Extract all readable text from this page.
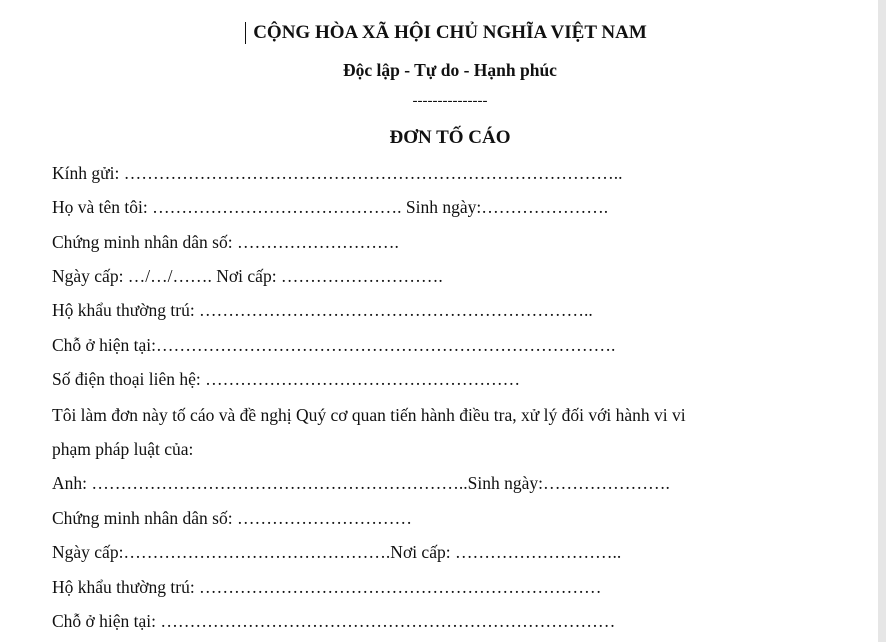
CỘNG HÒA XÃ HỘI CHỦ NGHĨA VIỆT NAM
Độc lập - Tự do - Hạnh phúc
---------------
ĐƠN TỐ CÁO
Kính gửi: …………………………………………………………………………..
Họ và tên tôi: ……………………………………. Sinh ngày:………………….
Chứng minh nhân dân số: ……………………….
Ngày cấp: …/…/……. Nơi cấp: ……………………….
Hộ khẩu thường trú: …………………………………………………………..
Chỗ ở hiện tại:…………………………………………………………………….
Số điện thoại liên hệ: ………………………………………………
Tôi làm đơn này tố cáo và đề nghị Quý cơ quan tiến hành điều tra, xử lý đối với hành vi vi
phạm pháp luật của:
Anh: ………………………………………………………..Sinh ngày:………………….
Chứng minh nhân dân số: …………………………
Ngày cấp:……………………………………….Nơi cấp: ………………………..
Hộ khẩu thường trú: ……………………………………………………………
Chỗ ở hiện tại: ……………………………………………………………………
